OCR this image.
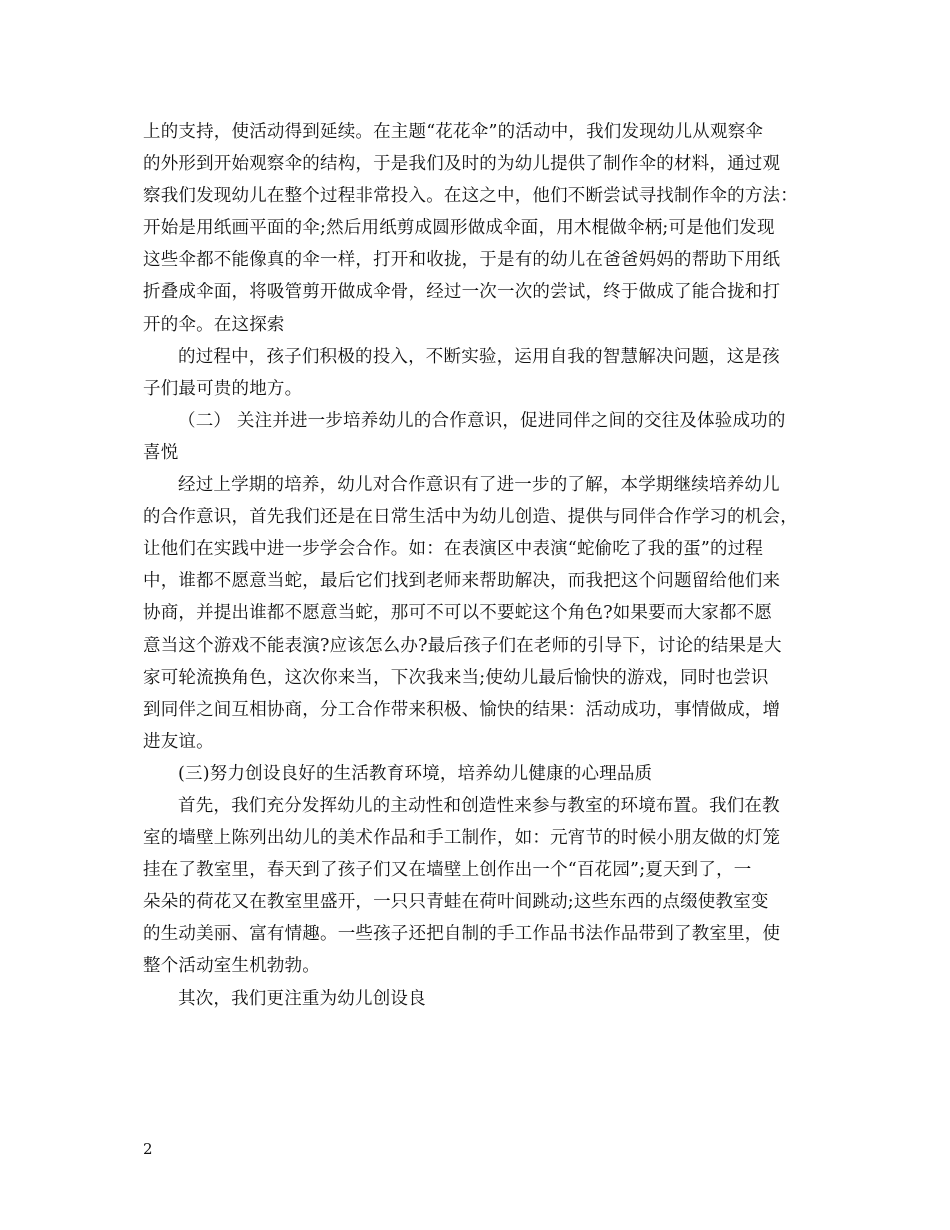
上的支持，使活动得到延续。在主题“花花伞”的活动中，我们发现幼儿从观察伞
的外形到开始观察伞的结构，于是我们及时的为幼儿提供了制作伞的材料，通过观
察我们发现幼儿在整个过程非常投入。在这之中，他们不断尝试寻找制作伞的方法：
开始是用纸画平面的伞;然后用纸剪成圆形做成伞面，用木棍做伞柄;可是他们发现
这些伞都不能像真的伞一样，打开和收拢，于是有的幼儿在爸爸妈妈的帮助下用纸
折叠成伞面，将吸管剪开做成伞骨，经过一次一次的尝试，终于做成了能合拢和打
开的伞。在这探索
的过程中，孩子们积极的投入，不断实验，运用自我的智慧解决问题，这是孩
子们最可贵的地方。
（二） 关注并进一步培养幼儿的合作意识，促进同伴之间的交往及体验成功的
喜悦
经过上学期的培养，幼儿对合作意识有了进一步的了解，本学期继续培养幼儿
的合作意识，首先我们还是在日常生活中为幼儿创造、提供与同伴合作学习的机会，
让他们在实践中进一步学会合作。如：在表演区中表演“蛇偷吃了我的蛋”的过程
中，谁都不愿意当蛇，最后它们找到老师来帮助解决，而我把这个问题留给他们来
协商，并提出谁都不愿意当蛇，那可不可以不要蛇这个角色?如果要而大家都不愿
意当这个游戏不能表演?应该怎么办?最后孩子们在老师的引导下，讨论的结果是大
家可轮流换角色，这次你来当，下次我来当;使幼儿最后愉快的游戏，同时也尝识
到同伴之间互相协商，分工合作带来积极、愉快的结果：活动成功，事情做成，增
进友谊。
(三)努力创设良好的生活教育环境，培养幼儿健康的心理品质
首先，我们充分发挥幼儿的主动性和创造性来参与教室的环境布置。我们在教
室的墙壁上陈列出幼儿的美术作品和手工制作，如：元宵节的时候小朋友做的灯笼
挂在了教室里，春天到了孩子们又在墙壁上创作出一个“百花园”;夏天到了，一
朵朵的荷花又在教室里盛开，一只只青蛙在荷叶间跳动;这些东西的点缀使教室变
的生动美丽、富有情趣。一些孩子还把自制的手工作品书法作品带到了教室里，使
整个活动室生机勃勃。
其次，我们更注重为幼儿创设良
2
